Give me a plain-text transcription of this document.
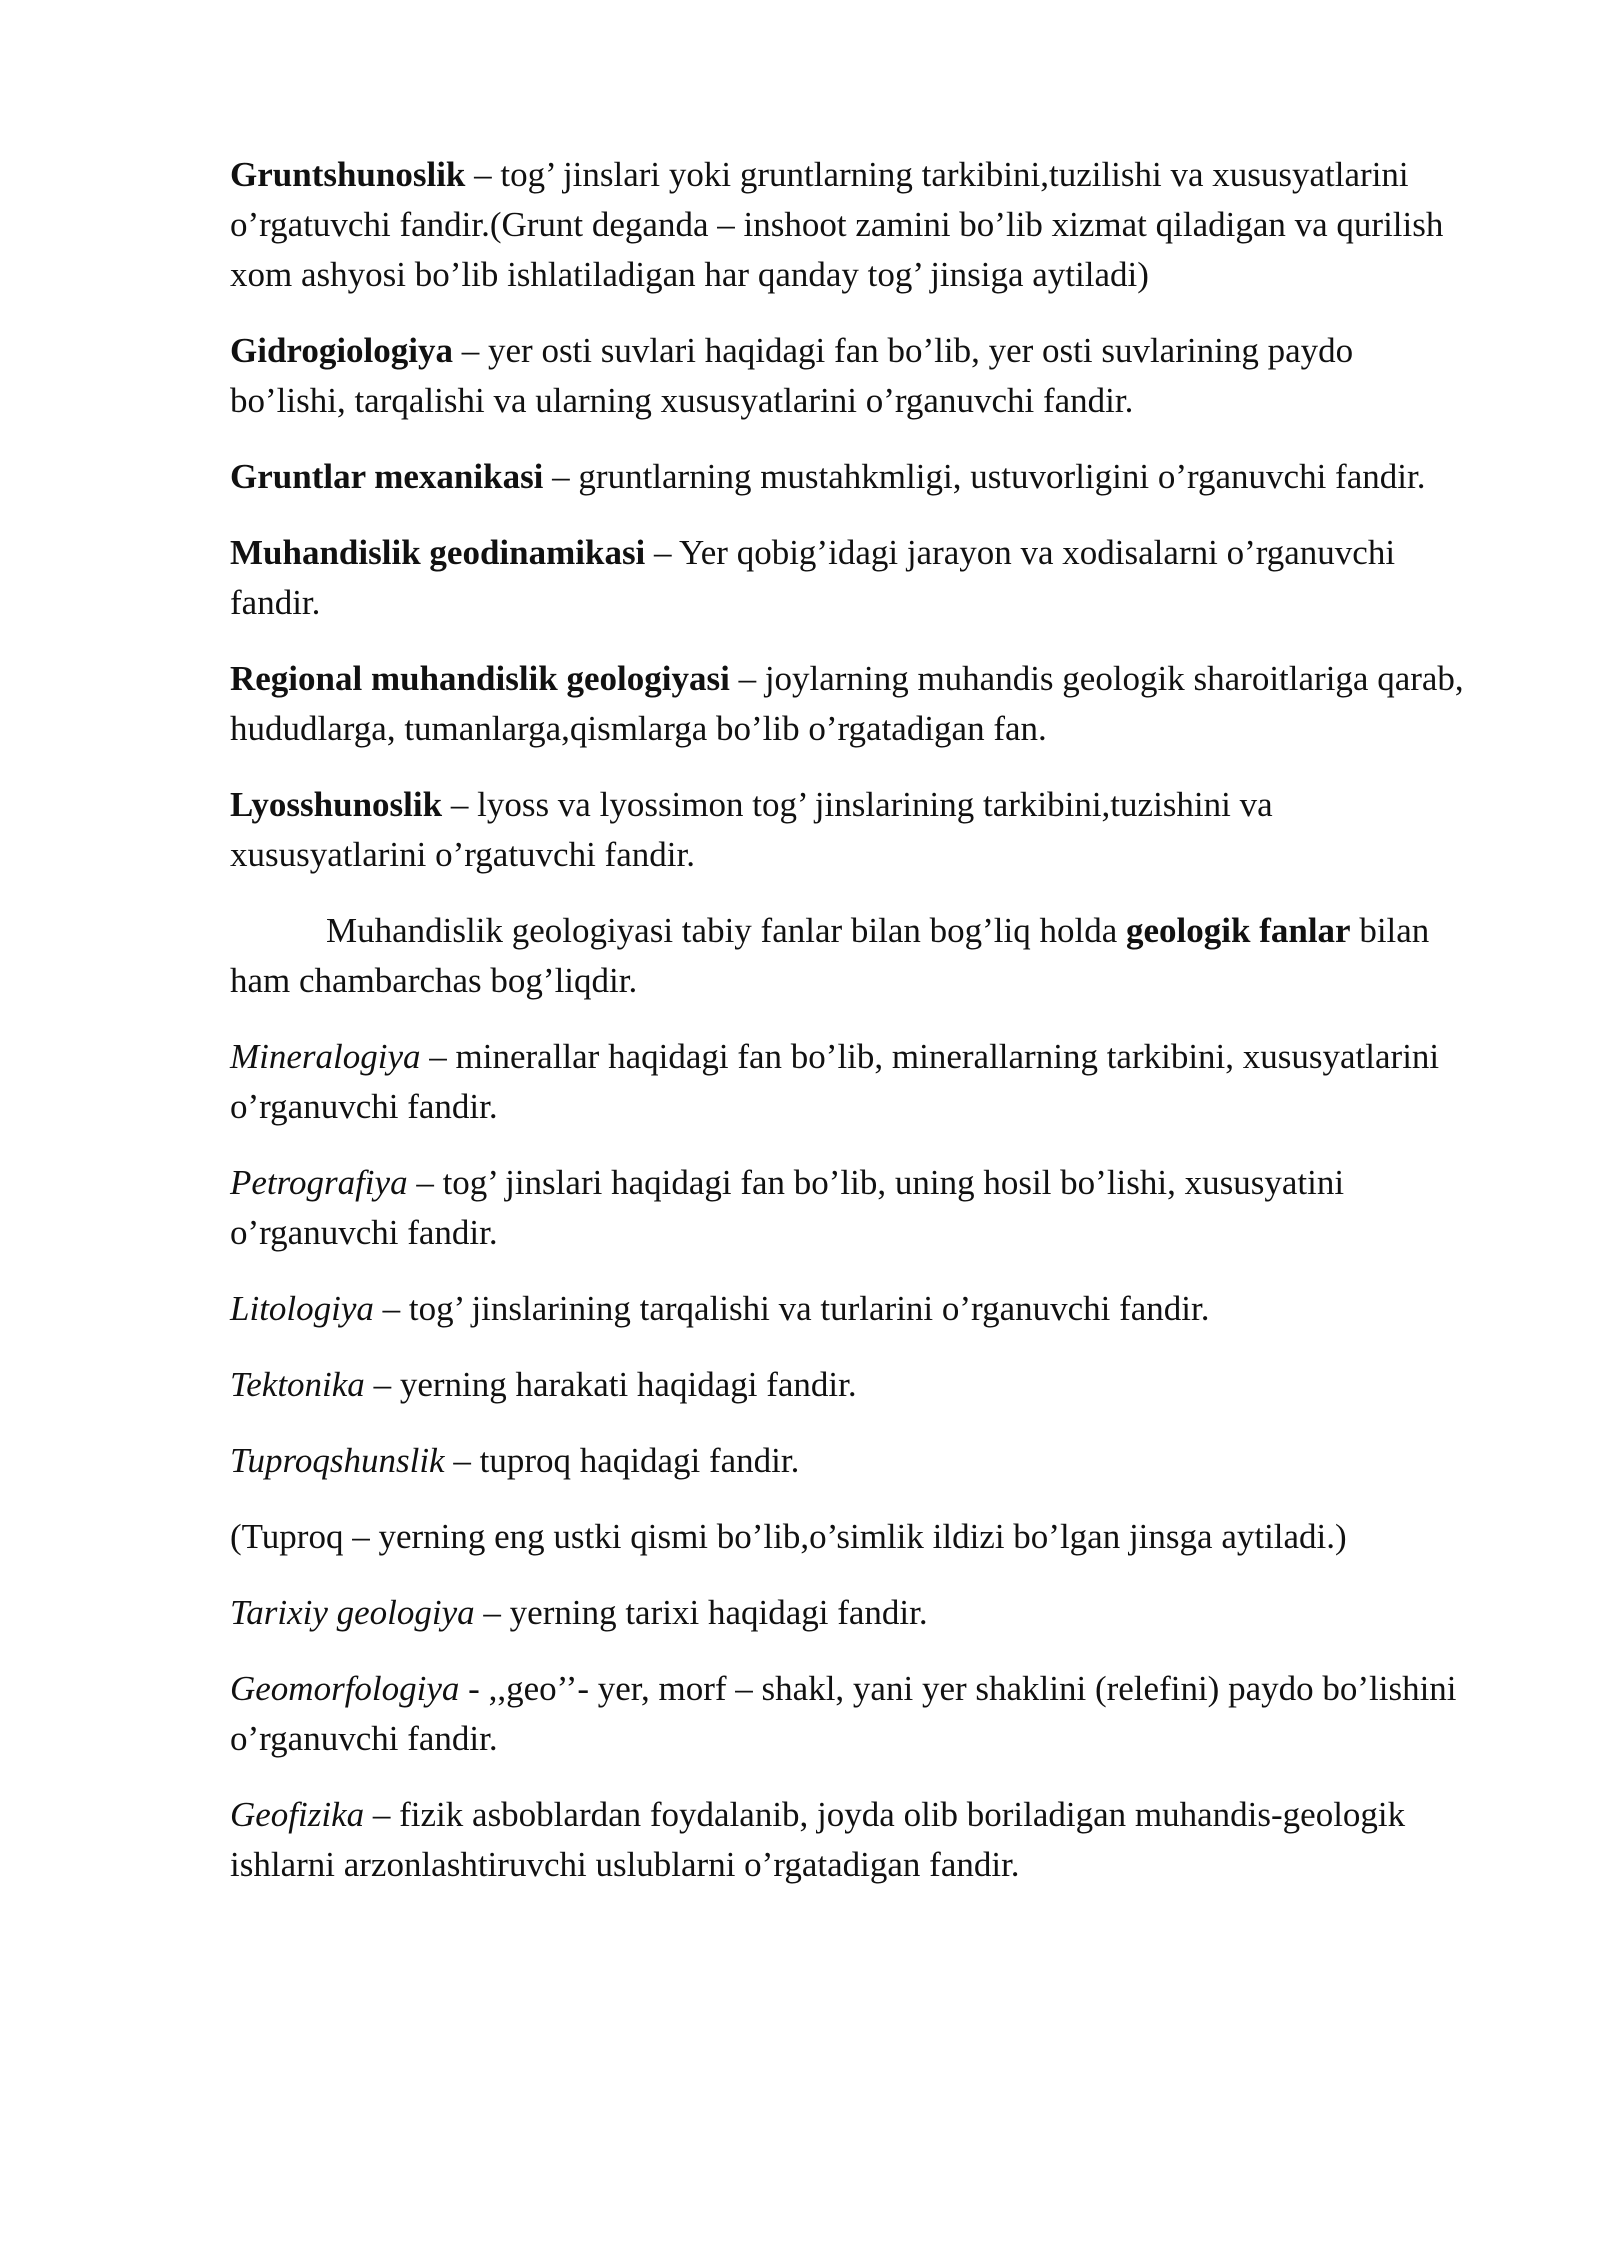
Gruntshunoslik – tog’ jinslari yoki gruntlarning tarkibini,tuzilishi va xususyatlarini o’rgatuvchi fandir.(Grunt deganda – inshoot zamini bo’lib xizmat qiladigan va qurilish xom ashyosi bo’lib ishlatiladigan har qanday tog’ jinsiga aytiladi)

Gidrogiologiya – yer osti suvlari haqidagi fan bo’lib, yer osti suvlarining paydo bo’lishi, tarqalishi va ularning xususyatlarini o’rganuvchi fandir.

Gruntlar mexanikasi – gruntlarning mustahkmligi, ustuvorligini o’rganuvchi fandir.

Muhandislik geodinamikasi – Yer qobig’idagi jarayon va xodisalarni o’rganuvchi fandir.

Regional muhandislik geologiyasi – joylarning muhandis geologik sharoitlariga qarab, hududlarga, tumanlarga,qismlarga bo’lib o’rgatadigan fan.

Lyosshunoslik – lyoss va lyossimon tog’ jinslarining tarkibini,tuzishini va xususyatlarini o’rgatuvchi fandir.

Muhandislik geologiyasi tabiy fanlar bilan bog’liq holda geologik fanlar bilan ham chambarchas bog’liqdir.

Mineralogiya – minerallar haqidagi fan bo’lib, minerallarning tarkibini, xususyatlarini o’rganuvchi fandir.

Petrografiya – tog’ jinslari haqidagi fan bo’lib, uning hosil bo’lishi, xususyatini o’rganuvchi fandir.

Litologiya – tog’ jinslarining tarqalishi va turlarini o’rganuvchi fandir.

Tektonika – yerning harakati haqidagi fandir.

Tuproqshunslik – tuproq haqidagi fandir.

(Tuproq – yerning eng ustki qismi bo’lib,o’simlik ildizi bo’lgan jinsga aytiladi.)

Tarixiy geologiya – yerning tarixi haqidagi fandir.

Geomorfologiya - ,,geo’’- yer, morf – shakl, yani yer shaklini (relefini) paydo bo’lishini o’rganuvchi fandir.

Geofizika – fizik asboblardan foydalanib, joyda olib boriladigan muhandis-geologik ishlarni arzonlashtiruvchi uslublarni o’rgatadigan fandir.
